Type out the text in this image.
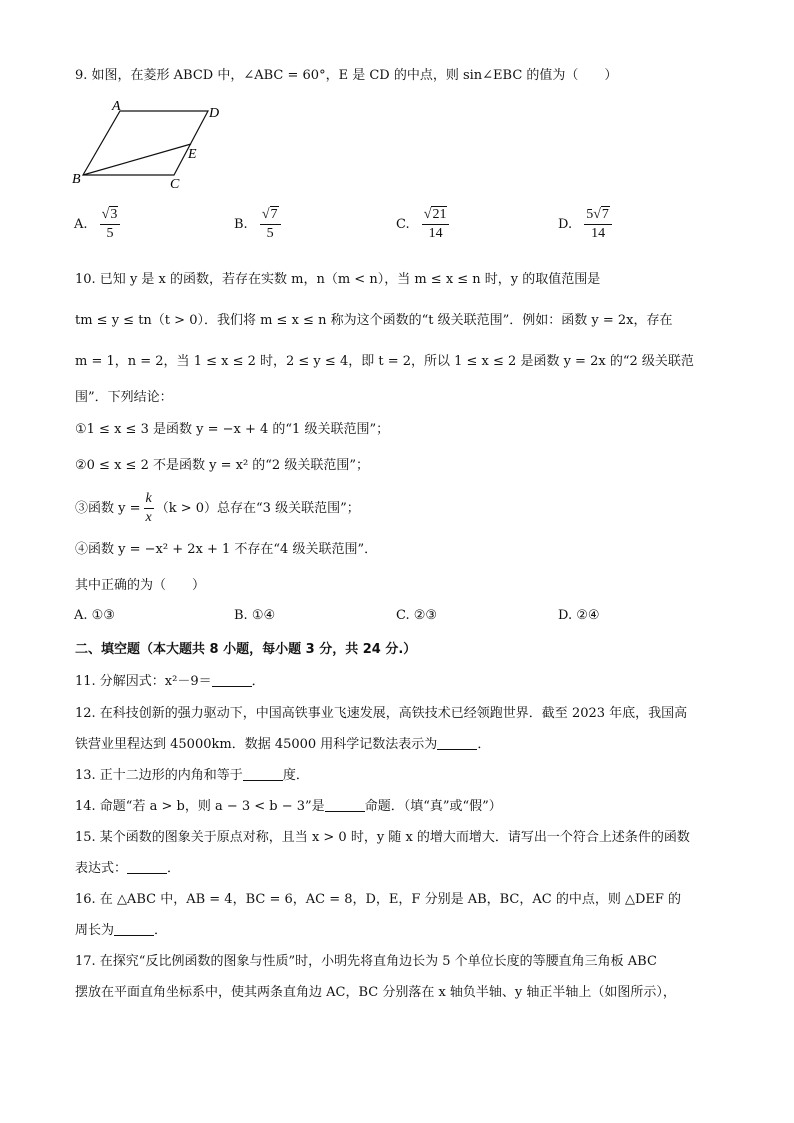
9. 如图，在菱形 ABCD 中，∠ABC = 60°，E 是 CD 的中点，则 sin∠EBC 的值为（　　）
A	D
E
B	C
A. $\frac{√3}{5}$	B. $\frac{√7}{5}$	C. $\frac{√21}{14}$	D. $\frac{5√7}{14}$
10. 已知 y 是 x 的函数，若存在实数 m，n（m < n），当 m ≤ x ≤ n 时，y 的取值范围是
tm ≤ y ≤ tn（t > 0）．我们将 m ≤ x ≤ n 称为这个函数的“t 级关联范围”．例如：函数 y = 2x，存在
m = 1，n = 2，当 1 ≤ x ≤ 2 时，2 ≤ y ≤ 4，即 t = 2，所以 1 ≤ x ≤ 2 是函数 y = 2x 的“2 级关联范
围”．下列结论：
①1 ≤ x ≤ 3 是函数 y = −x + 4 的“1 级关联范围”；
②0 ≤ x ≤ 2 不是函数 y = x² 的“2 级关联范围”；
③函数 $y = \frac{k}{x} (k > 0)$总存在“3 级关联范围”；
④函数 y = −x² + 2x + 1 不存在“4 级关联范围”．
其中正确的为（　　）
A. ①③	B. ①④	C. ②③	D. ②④
二、填空题（本大题共 8 小题，每小题 3 分，共 24 分.）
11. 分解因式：x²－9＝	．
12. 在科技创新的强力驱动下，中国高铁事业飞速发展，高铁技术已经领跑世界．截至 2023 年底，我国高
铁营业里程达到 45000km．数据 45000 用科学记数法表示为	．
13. 正十二边形的内角和等于	度．
14. 命题“若 a > b，则 a − 3 < b − 3”是	命题．（填“真”或“假”）
15. 某个函数的图象关于原点对称，且当 x > 0 时，y 随 x 的增大而增大．请写出一个符合上述条件的函数
表达式：	．
16. 在 △ABC 中，AB = 4，BC = 6，AC = 8，D，E，F 分别是 AB，BC，AC 的中点，则 △DEF 的
周长为	．
17. 在探究“反比例函数的图象与性质”时，小明先将直角边长为 5 个单位长度的等腰直角三角板 ABC
摆放在平面直角坐标系中，使其两条直角边 AC，BC 分别落在 x 轴负半轴、y 轴正半轴上（如图所示），
